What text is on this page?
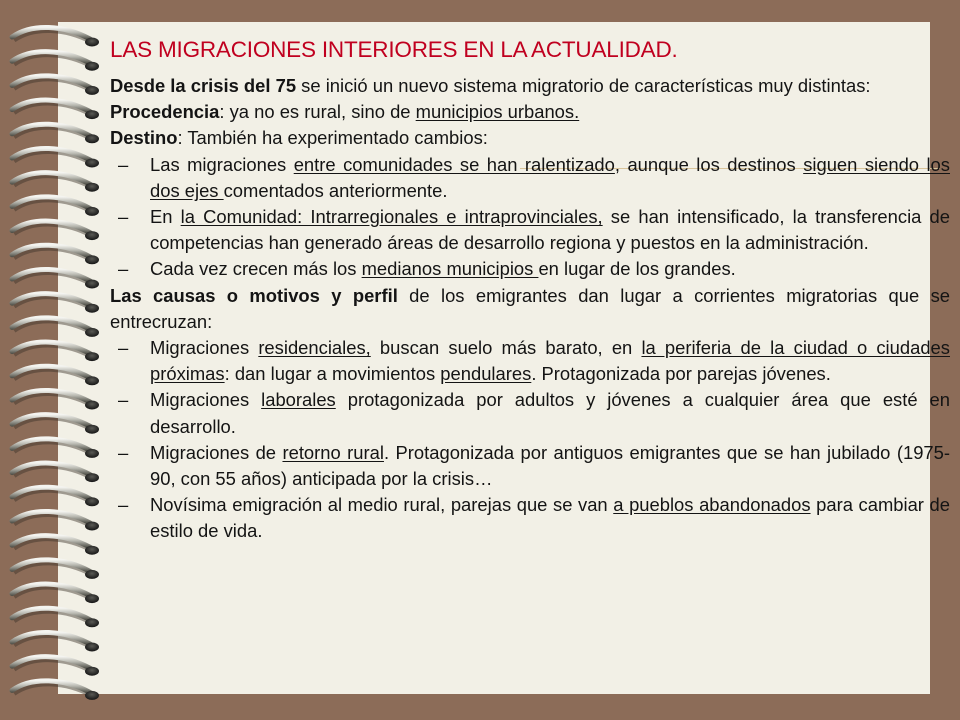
LAS MIGRACIONES INTERIORES EN LA ACTUALIDAD.

Desde la crisis del 75 se inició un nuevo sistema migratorio de características muy distintas:

Procedencia: ya no es rural, sino de municipios urbanos.

Destino: También ha experimentado cambios:

– Las migraciones entre comunidades se han ralentizado, aunque los destinos siguen siendo los dos ejes comentados anteriormente.

– En la Comunidad: Intrarregionales e intraprovinciales, se han intensificado, la transferencia de competencias han generado áreas de desarrollo regiona y puestos en la administración.

– Cada vez crecen más los medianos municipios en lugar de los grandes.

Las causas o motivos y perfil de los emigrantes dan lugar a corrientes migratorias que se entrecruzan:

– Migraciones residenciales, buscan suelo más barato, en la periferia de la ciudad o ciudades próximas: dan lugar a movimientos pendulares. Protagonizada por parejas jóvenes.

– Migraciones laborales protagonizada por adultos y jóvenes a cualquier área que esté en desarrollo.

– Migraciones de retorno rural. Protagonizada por antiguos emigrantes que se han jubilado (1975-90, con 55 años) anticipada por la crisis…

– Novísima emigración al medio rural, parejas que se van a pueblos abandonados para cambiar de estilo de vida.
